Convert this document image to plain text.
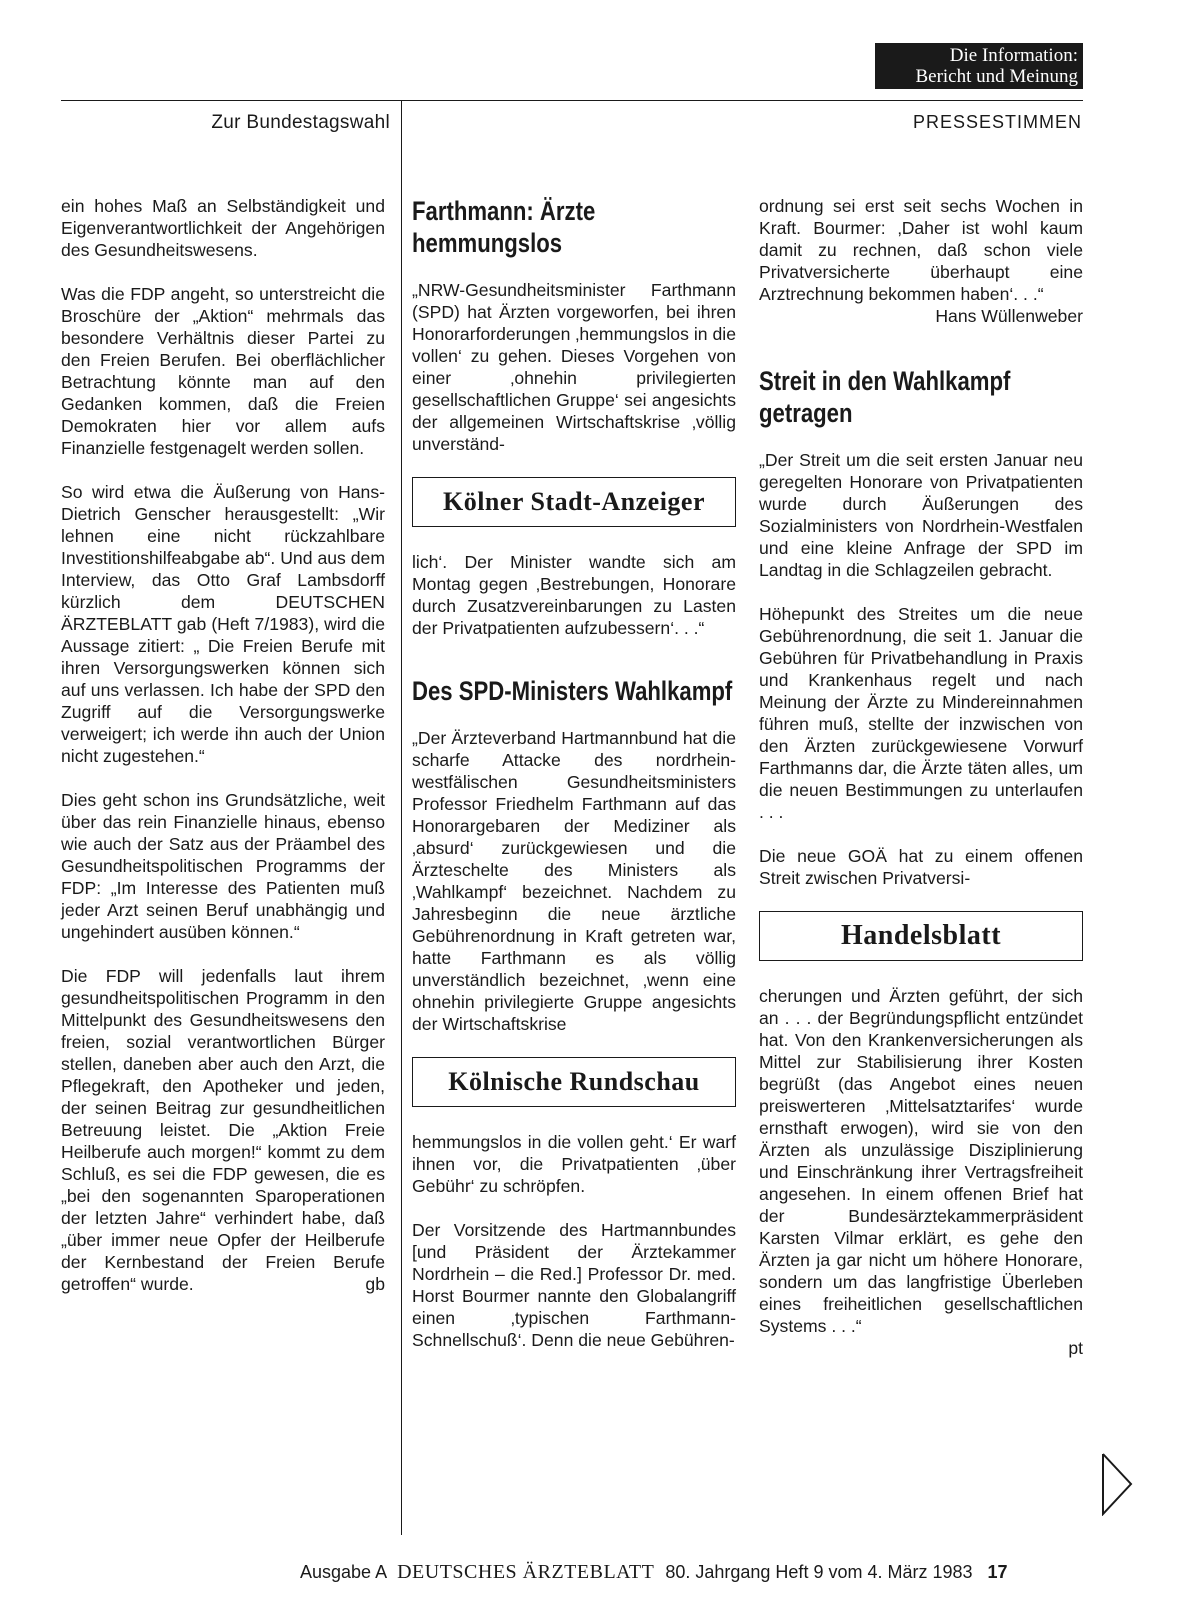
Die Information:
Bericht und Meinung
Zur Bundestagswahl	PRESSESTIMMEN

ein hohes Maß an Selbständigkeit und Eigenverantwortlichkeit der Angehörigen des Gesundheitswesens.

Was die FDP angeht, so unterstreicht die Broschüre der „Aktion“ mehrmals das besondere Verhältnis dieser Partei zu den Freien Berufen. Bei oberflächlicher Betrachtung könnte man auf den Gedanken kommen, daß die Freien Demokraten hier vor allem aufs Finanzielle festgenagelt werden sollen.

So wird etwa die Äußerung von Hans-Dietrich Genscher herausgestellt: „Wir lehnen eine nicht rückzahlbare Investitionshilfeabgabe ab“. Und aus dem Interview, das Otto Graf Lambsdorff kürzlich dem DEUTSCHEN ÄRZTEBLATT gab (Heft 7/1983), wird die Aussage zitiert: „ Die Freien Berufe mit ihren Versorgungswerken können sich auf uns verlassen. Ich habe der SPD den Zugriff auf die Versorgungswerke verweigert; ich werde ihn auch der Union nicht zugestehen.“

Dies geht schon ins Grundsätzliche, weit über das rein Finanzielle hinaus, ebenso wie auch der Satz aus der Präambel des Gesundheitspolitischen Programms der FDP: „Im Interesse des Patienten muß jeder Arzt seinen Beruf unabhängig und ungehindert ausüben können.“

Die FDP will jedenfalls laut ihrem gesundheitspolitischen Programm in den Mittelpunkt des Gesundheitswesens den freien, sozial verantwortlichen Bürger stellen, daneben aber auch den Arzt, die Pflegekraft, den Apotheker und jeden, der seinen Beitrag zur gesundheitlichen Betreuung leistet. Die „Aktion Freie Heilberufe auch morgen!“ kommt zu dem Schluß, es sei die FDP gewesen, die es „bei den sogenannten Sparoperationen der letzten Jahre“ verhindert habe, daß „über immer neue Opfer der Heilberufe der Kernbestand der Freien Berufe getroffen“ wurde.	gb
Farthmann: Ärzte hemmungslos

„NRW-Gesundheitsminister Farthmann (SPD) hat Ärzten vorgeworfen, bei ihren Honorarforderungen ‚hemmungslos in die vollen‘ zu gehen. Dieses Vorgehen von einer ‚ohnehin privilegierten gesellschaftlichen Gruppe‘ sei angesichts der allgemeinen Wirtschaftskrise ‚völlig unverständ-

Kölner Stadt-Anzeiger

lich‘. Der Minister wandte sich am Montag gegen ‚Bestrebungen, Honorare durch Zusatzvereinbarungen zu Lasten der Privatpatienten aufzubessern‘. . .“

Des SPD-Ministers Wahlkampf

„Der Ärzteverband Hartmannbund hat die scharfe Attacke des nordrhein-westfälischen Gesundheitsministers Professor Friedhelm Farthmann auf das Honorargebaren der Mediziner als ‚absurd‘ zurückgewiesen und die Ärzteschelte des Ministers als ‚Wahlkampf‘ bezeichnet. Nachdem zu Jahresbeginn die neue ärztliche Gebührenordnung in Kraft getreten war, hatte Farthmann es als völlig unverständlich bezeichnet, ‚wenn eine ohnehin privilegierte Gruppe angesichts der Wirtschaftskrise

Kölnische Rundschau

hemmungslos in die vollen geht.‘ Er warf ihnen vor, die Privatpatienten ‚über Gebühr‘ zu schröpfen.

Der Vorsitzende des Hartmannbundes [und Präsident der Ärztekammer Nordrhein – die Red.] Professor Dr. med. Horst Bourmer nannte den Globalangriff einen ‚typischen Farthmann-Schnellschuß‘. Denn die neue Gebühren-

ordnung sei erst seit sechs Wochen in Kraft. Bourmer: ‚Daher ist wohl kaum damit zu rechnen, daß schon viele Privatversicherte überhaupt eine Arztrechnung bekommen haben‘. . .“

Hans Wüllenweber
Streit in den Wahlkampf getragen

„Der Streit um die seit ersten Januar neu geregelten Honorare von Privatpatienten wurde durch Äußerungen des Sozialministers von Nordrhein-Westfalen und eine kleine Anfrage der SPD im Landtag in die Schlagzeilen gebracht.

Höhepunkt des Streites um die neue Gebührenordnung, die seit 1. Januar die Gebühren für Privatbehandlung in Praxis und Krankenhaus regelt und nach Meinung der Ärzte zu Mindereinnahmen führen muß, stellte der inzwischen von den Ärzten zurückgewiesene Vorwurf Farthmanns dar, die Ärzte täten alles, um die neuen Bestimmungen zu unterlaufen . . .

Die neue GOÄ hat zu einem offenen Streit zwischen Privatversi-

Handelsblatt

cherungen und Ärzten geführt, der sich an . . . der Begründungspflicht entzündet hat. Von den Krankenversicherungen als Mittel zur Stabilisierung ihrer Kosten begrüßt (das Angebot eines neuen preiswerteren ‚Mittelsatztarifes‘ wurde ernsthaft erwogen), wird sie von den Ärzten als unzulässige Disziplinierung und Einschränkung ihrer Vertragsfreiheit angesehen. In einem offenen Brief hat der Bundesärztekammerpräsident Karsten Vilmar erklärt, es gehe den Ärzten ja gar nicht um höhere Honorare, sondern um das langfristige Überleben eines freiheitlichen gesellschaftlichen Systems . . .“

pt
Ausgabe A DEUTSCHES ÄRZTEBLATT 80. Jahrgang Heft 9 vom 4. März 1983 17
